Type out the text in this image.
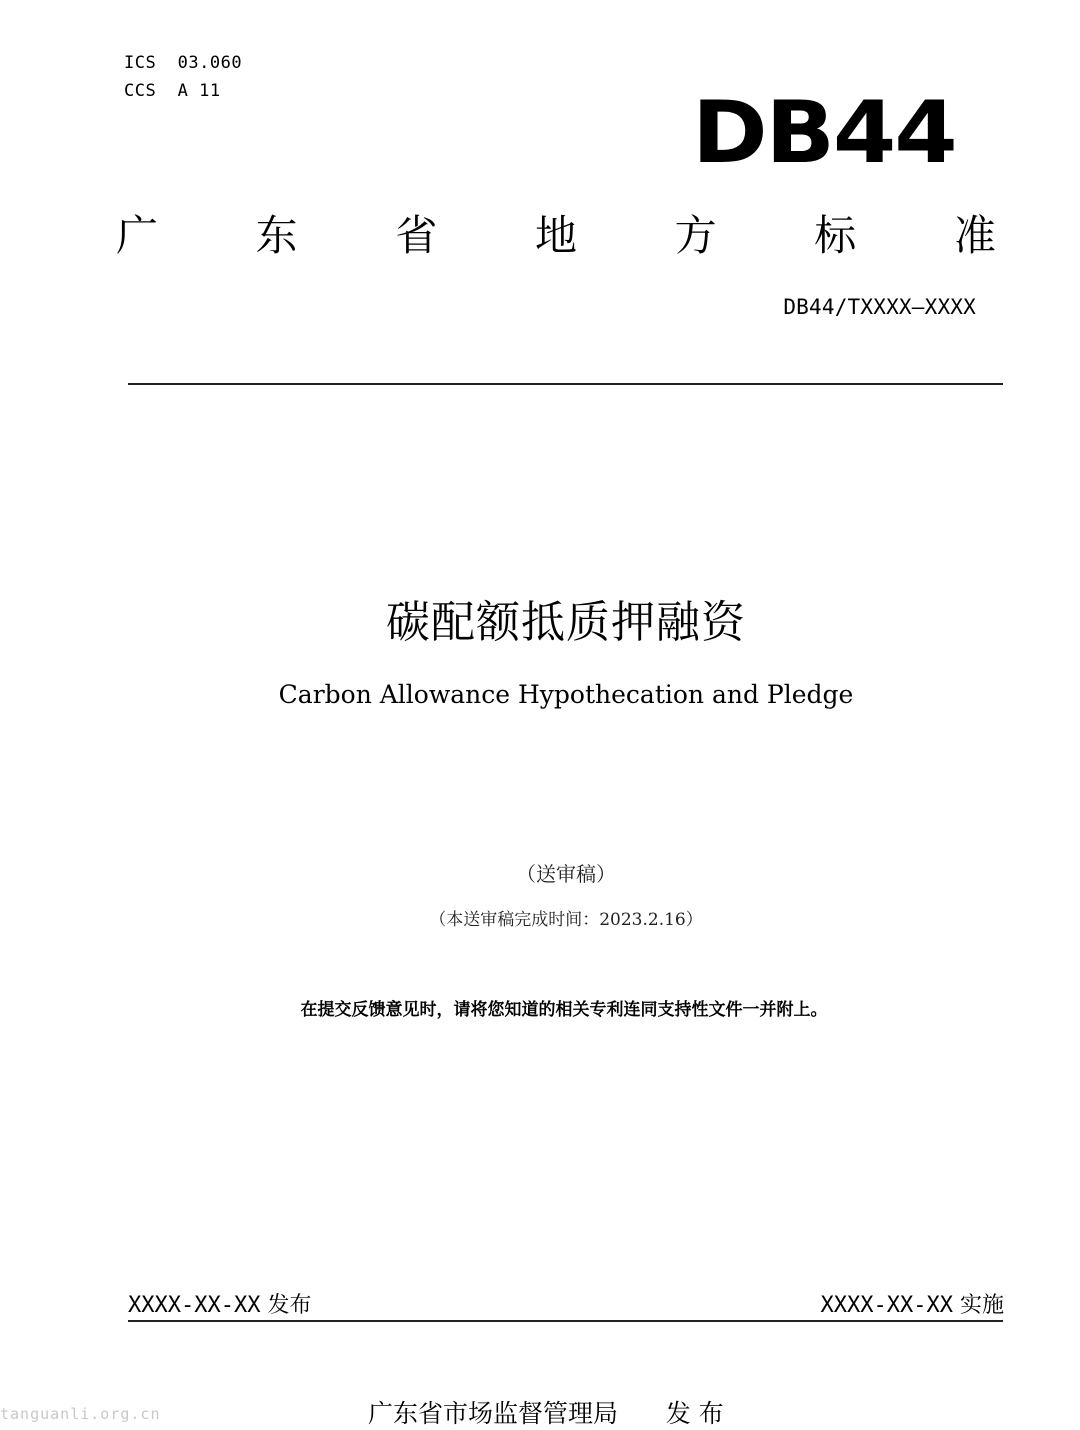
ICS  03.060
CCS  A 11	DB44
广 东 省 地 方 标 准
DB44/TXXXX—XXXX
碳配额抵质押融资
Carbon Allowance Hypothecation and Pledge
（送审稿）
（本送审稿完成时间：2023.2.16）
在提交反馈意见时，请将您知道的相关专利连同支持性文件一并附上。
XXXX-XX-XX 发布	XXXX-XX-XX 实施
广东省市场监督管理局 发 布
tanguanli.org.cn
